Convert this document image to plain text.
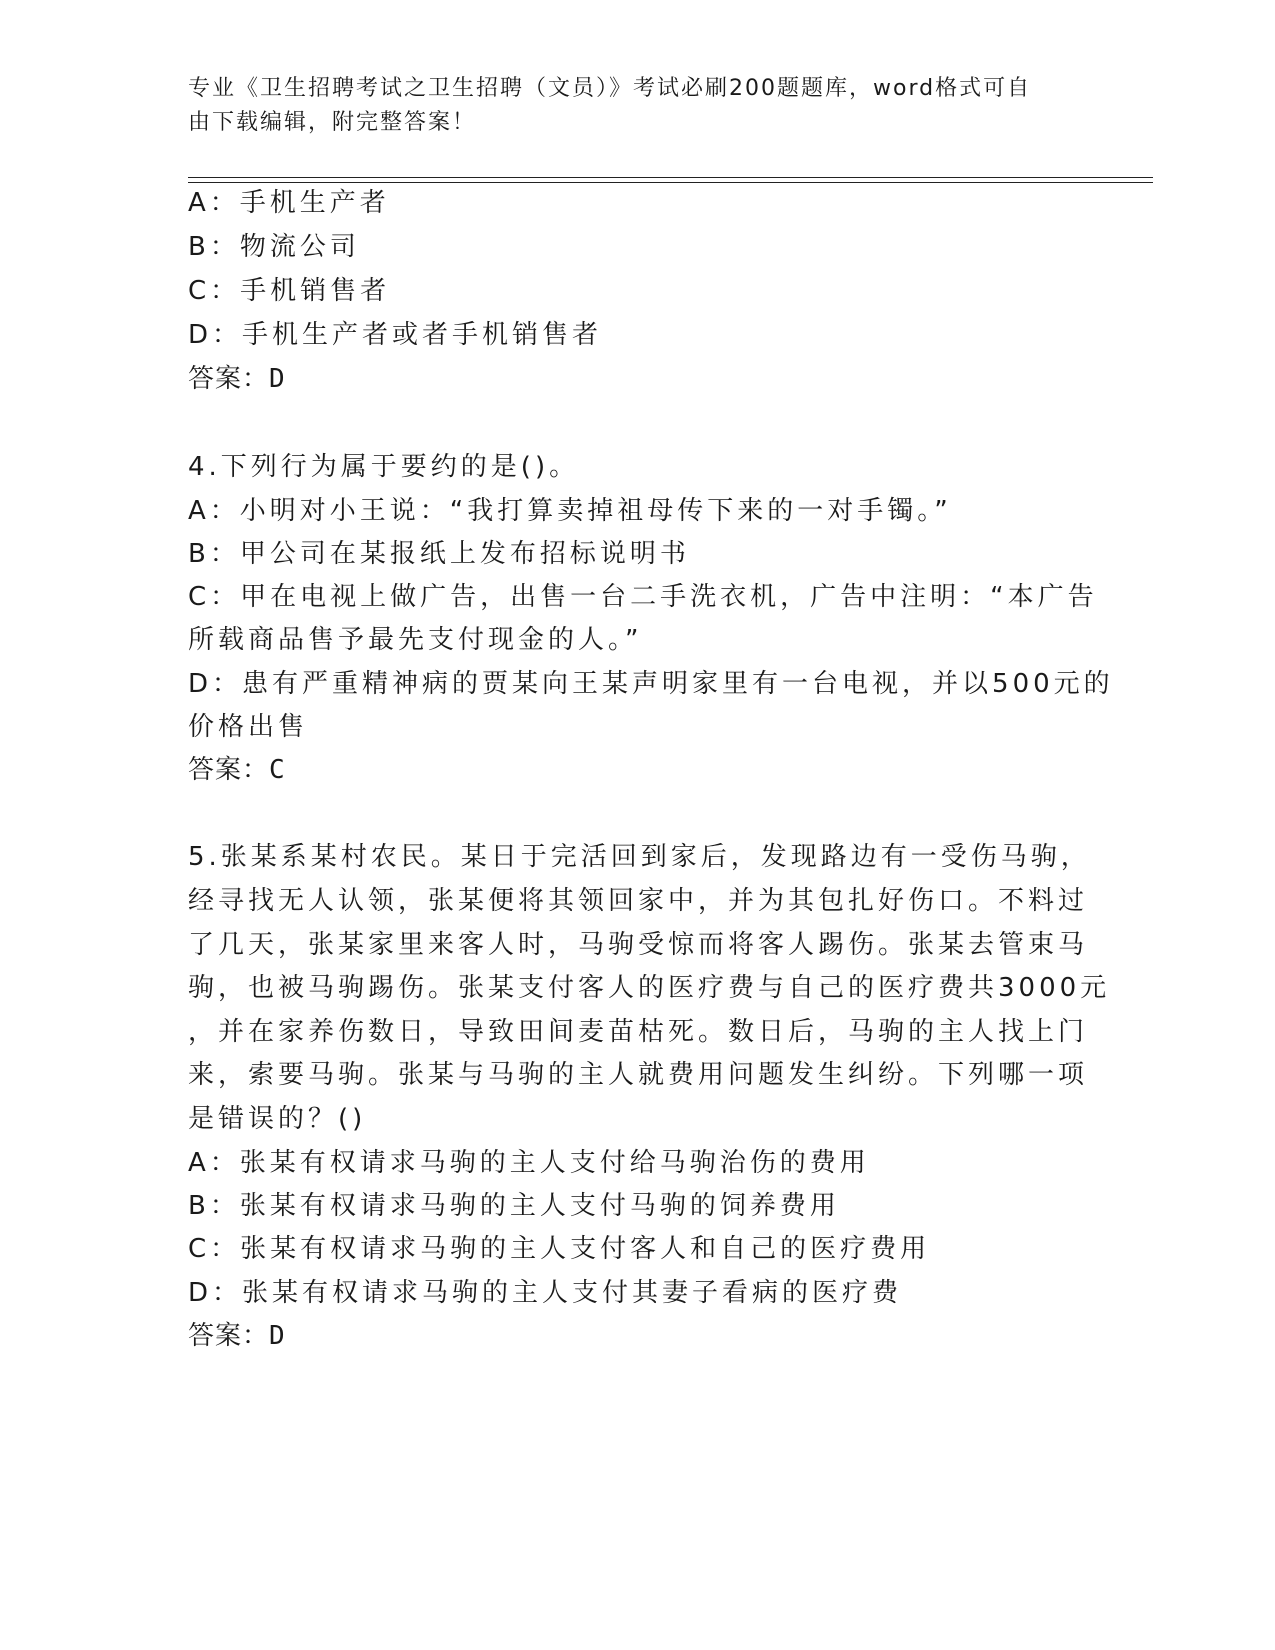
专业《卫生招聘考试之卫生招聘（文员）》考试必刷200题题库，word格式可自
由下载编辑，附完整答案！
A：手机生产者
B：物流公司
C：手机销售者
D：手机生产者或者手机销售者
答案：D
4.下列行为属于要约的是()。
A：小明对小王说：“我打算卖掉祖母传下来的一对手镯。”
B：甲公司在某报纸上发布招标说明书
C：甲在电视上做广告，出售一台二手洗衣机，广告中注明：“本广告
所载商品售予最先支付现金的人。”
D：患有严重精神病的贾某向王某声明家里有一台电视，并以500元的
价格出售
答案：C
5.张某系某村农民。某日于完活回到家后，发现路边有一受伤马驹，
经寻找无人认领，张某便将其领回家中，并为其包扎好伤口。不料过
了几天，张某家里来客人时，马驹受惊而将客人踢伤。张某去管束马
驹，也被马驹踢伤。张某支付客人的医疗费与自己的医疗费共3000元
，并在家养伤数日，导致田间麦苗枯死。数日后，马驹的主人找上门
来，索要马驹。张某与马驹的主人就费用问题发生纠纷。下列哪一项
是错误的？()
A：张某有权请求马驹的主人支付给马驹治伤的费用
B：张某有权请求马驹的主人支付马驹的饲养费用
C：张某有权请求马驹的主人支付客人和自己的医疗费用
D：张某有权请求马驹的主人支付其妻子看病的医疗费
答案：D
